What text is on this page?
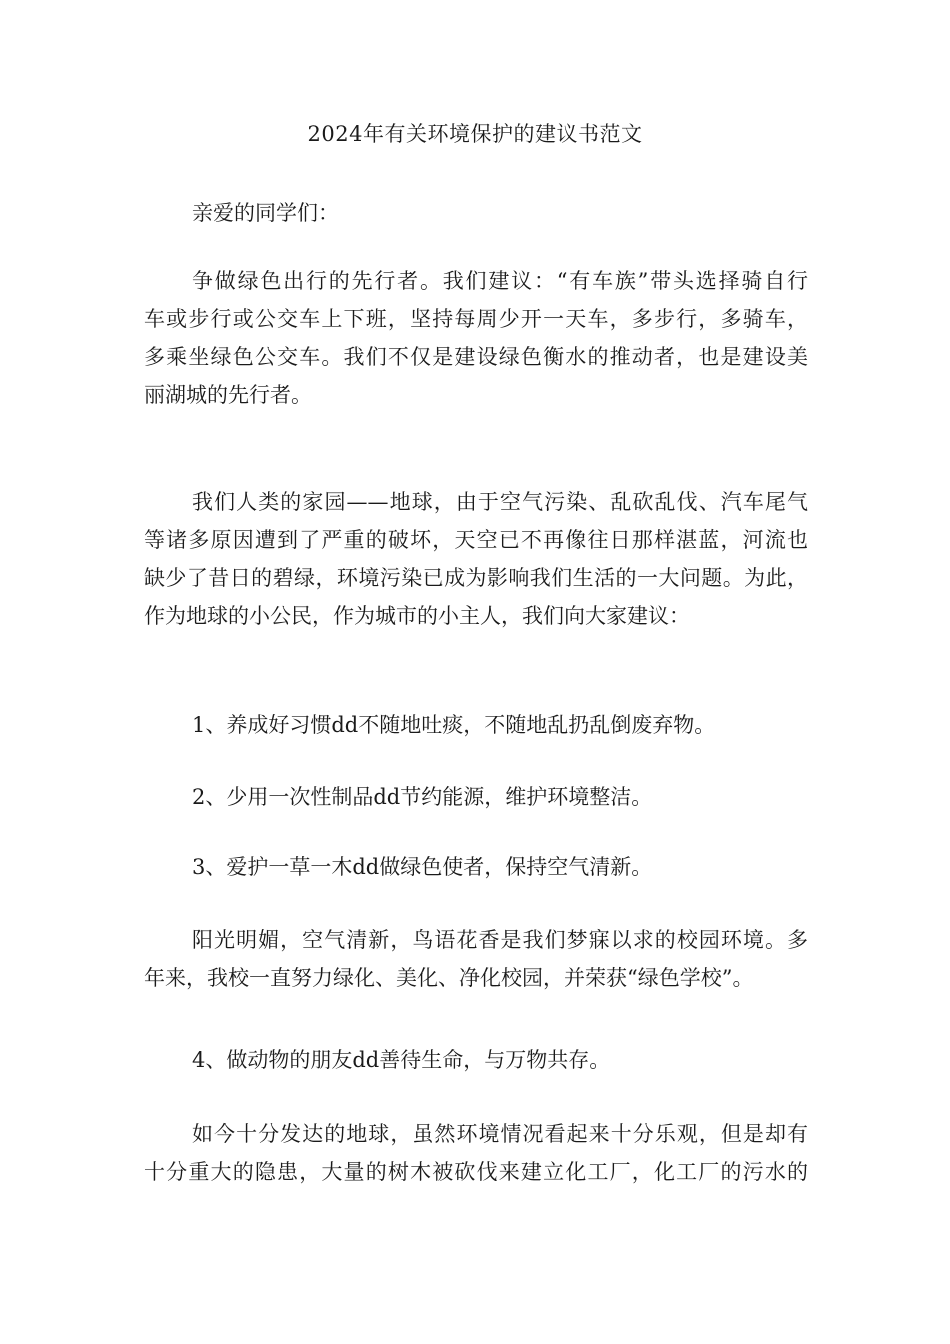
2024年有关环境保护的建议书范文

亲爱的同学们：

争做绿色出行的先行者。我们建议：“有车族”带头选择骑自行
车或步行或公交车上下班，坚持每周少开一天车，多步行，多骑车，
多乘坐绿色公交车。我们不仅是建设绿色衡水的推动者，也是建设美
丽湖城的先行者。

我们人类的家园——地球，由于空气污染、乱砍乱伐、汽车尾气
等诸多原因遭到了严重的破坏，天空已不再像往日那样湛蓝，河流也
缺少了昔日的碧绿，环境污染已成为影响我们生活的一大问题。为此，
作为地球的小公民，作为城市的小主人，我们向大家建议：

1、养成好习惯dd不随地吐痰，不随地乱扔乱倒废弃物。

2、少用一次性制品dd节约能源，维护环境整洁。

3、爱护一草一木dd做绿色使者，保持空气清新。

阳光明媚，空气清新，鸟语花香是我们梦寐以求的校园环境。多
年来，我校一直努力绿化、美化、净化校园，并荣获“绿色学校”。

4、做动物的朋友dd善待生命，与万物共存。

如今十分发达的地球，虽然环境情况看起来十分乐观，但是却有
十分重大的隐患，大量的树木被砍伐来建立化工厂，化工厂的污水的
